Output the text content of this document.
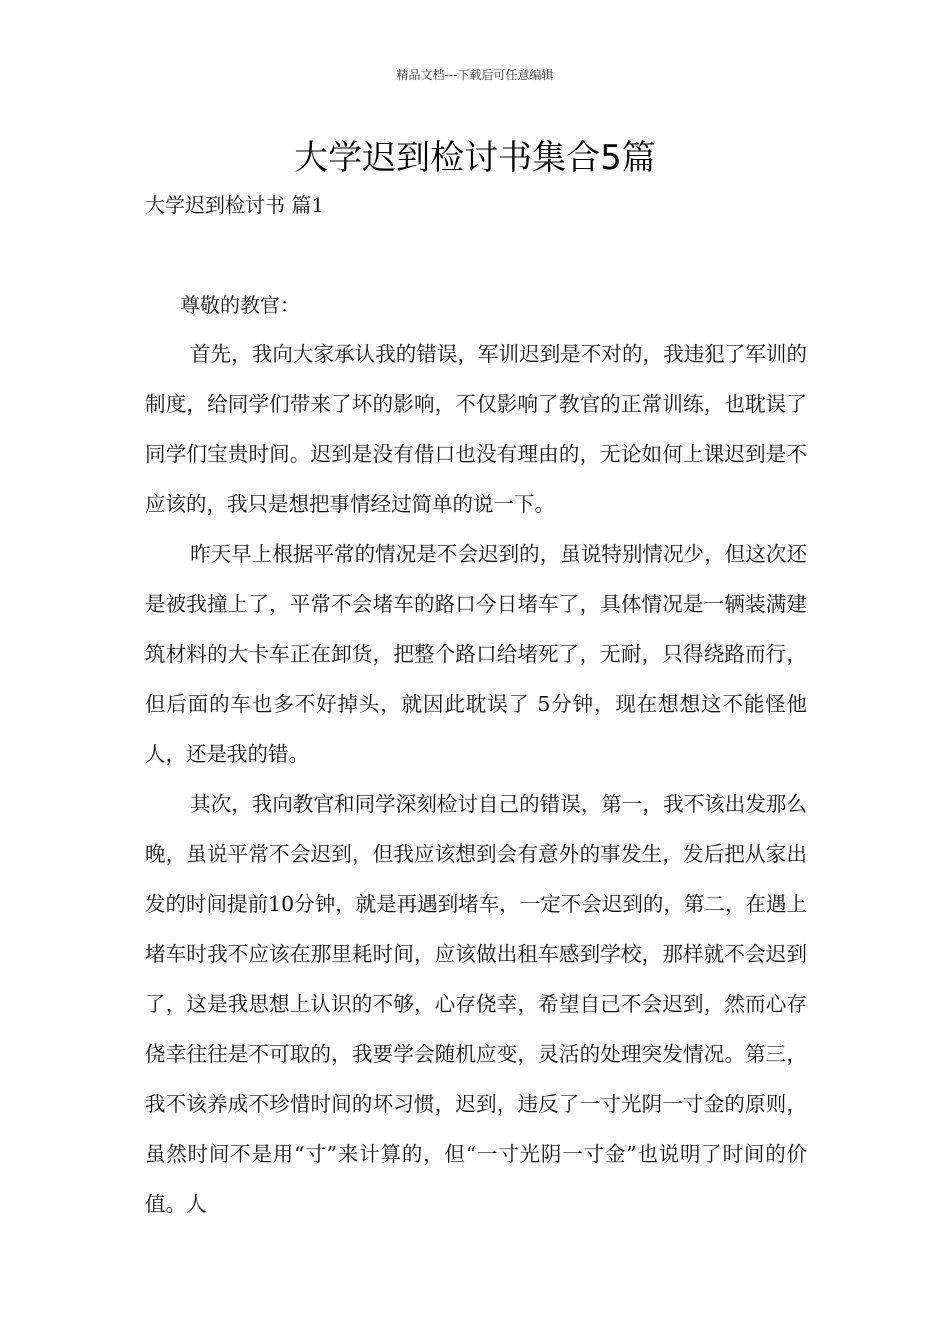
精品文档---下载后可任意编辑
大学迟到检讨书集合5篇
大学迟到检讨书 篇1
尊敬的教官：

首先，我向大家承认我的错误，军训迟到是不对的，我违犯了军训的制度，给同学们带来了坏的影响，不仅影响了教官的正常训练，也耽误了同学们宝贵时间。迟到是没有借口也没有理由的，无论如何上课迟到是不应该的，我只是想把事情经过简单的说一下。

昨天早上根据平常的情况是不会迟到的，虽说特别情况少，但这次还是被我撞上了，平常不会堵车的路口今日堵车了，具体情况是一辆装满建筑材料的大卡车正在卸货，把整个路口给堵死了，无耐，只得绕路而行，但后面的车也多不好掉头，就因此耽误了 5分钟，现在想想这不能怪他人，还是我的错。

其次，我向教官和同学深刻检讨自己的错误，第一，我不该出发那么晚，虽说平常不会迟到，但我应该想到会有意外的事发生，发后把从家出发的时间提前10分钟，就是再遇到堵车，一定不会迟到的，第二，在遇上堵车时我不应该在那里耗时间，应该做出租车感到学校，那样就不会迟到了，这是我思想上认识的不够，心存侥幸，希望自己不会迟到，然而心存侥幸往往是不可取的，我要学会随机应变，灵活的处理突发情况。第三，我不该养成不珍惜时间的坏习惯，迟到，违反了一寸光阴一寸金的原则，虽然时间不是用“寸”来计算的，但“一寸光阴一寸金”也说明了时间的价值。人
